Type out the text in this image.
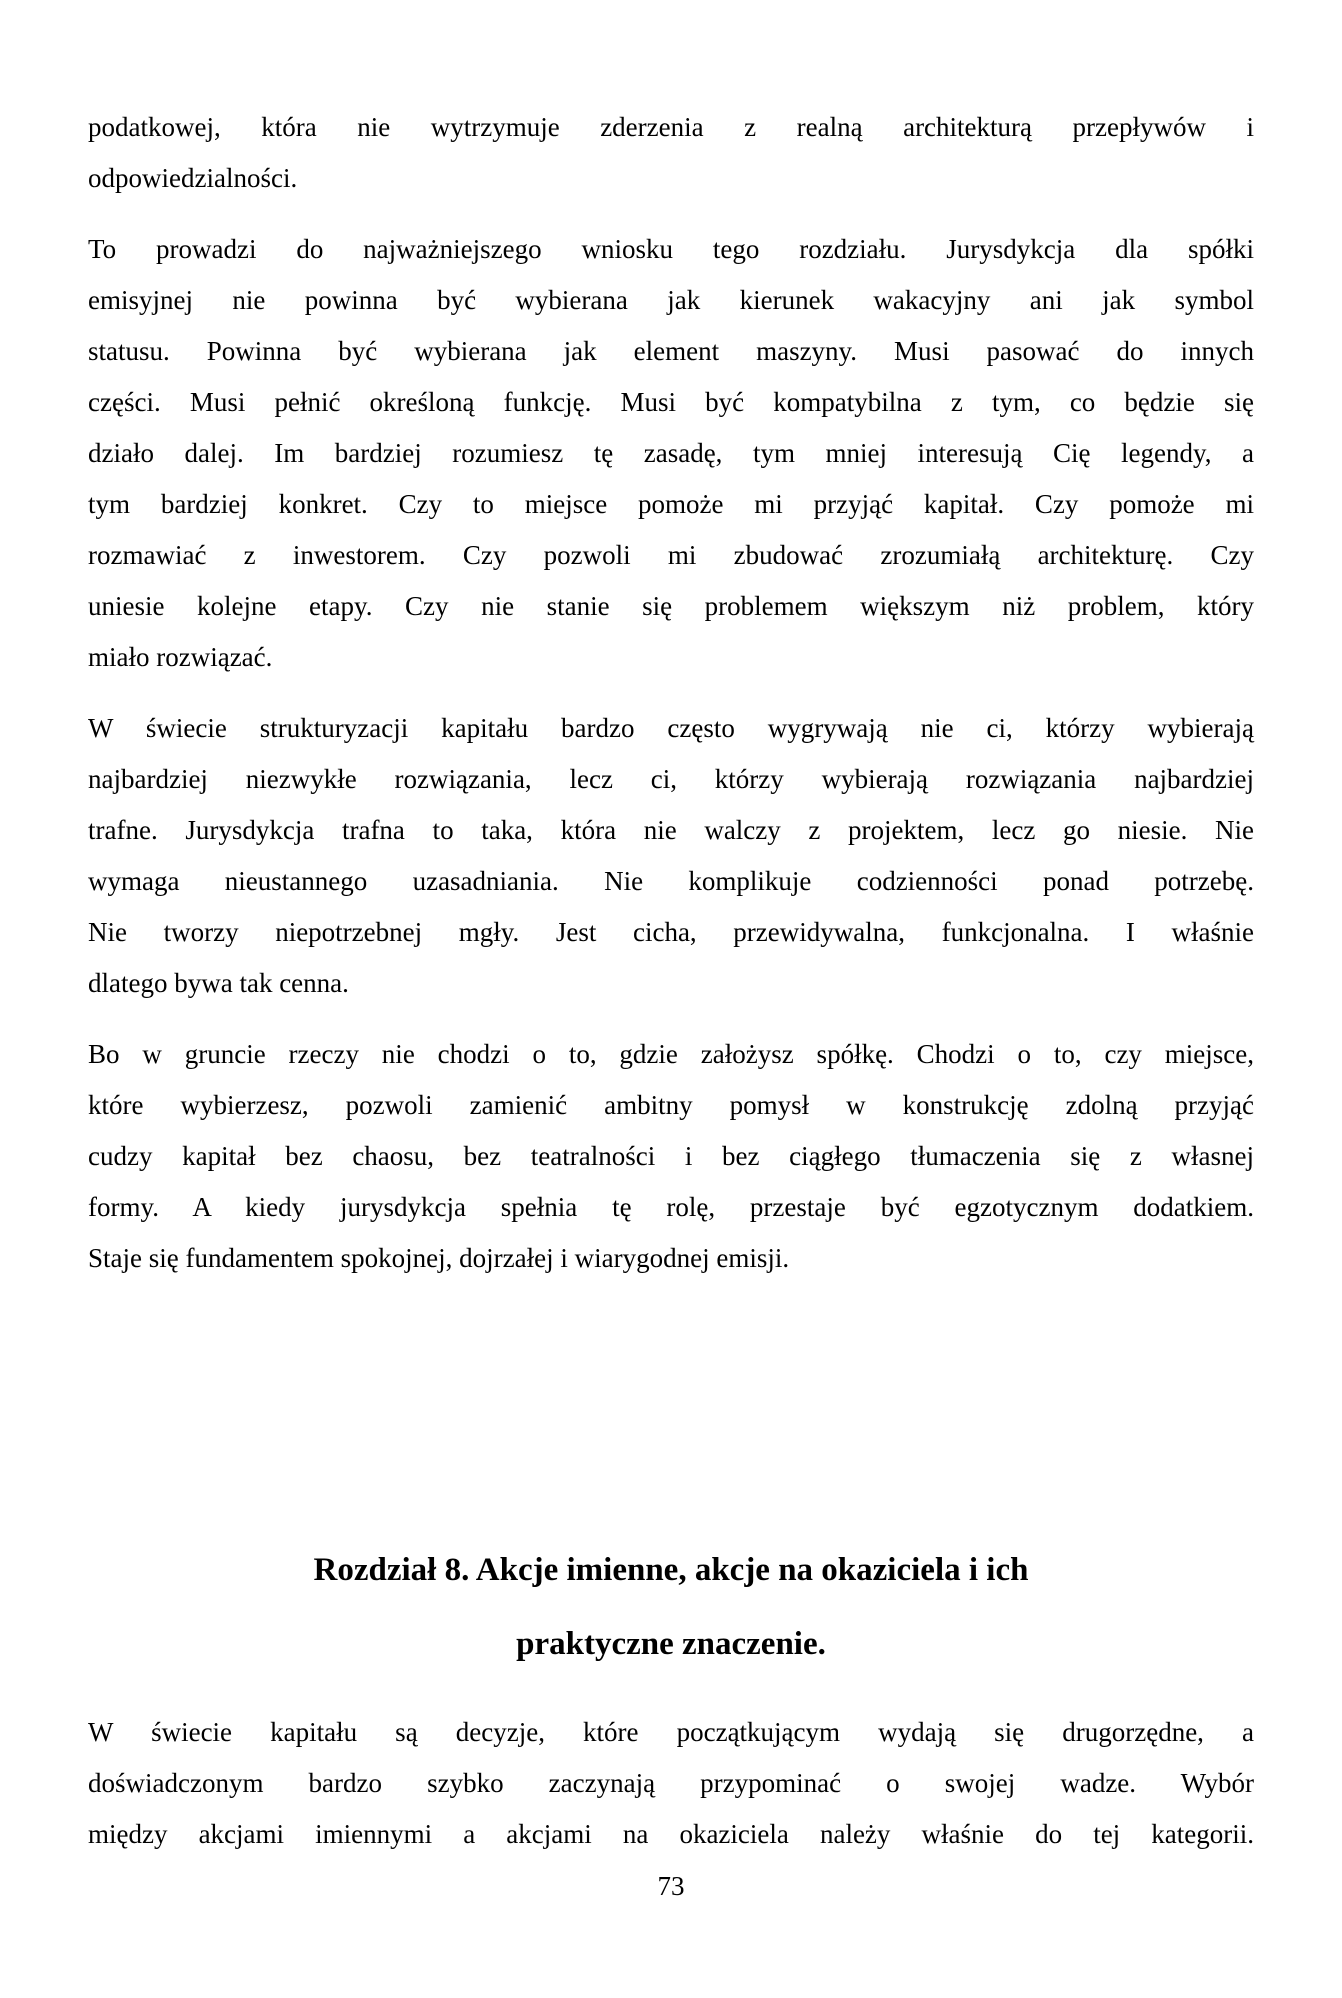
podatkowej, która nie wytrzymuje zderzenia z realną architekturą przepływów i
odpowiedzialności.
To prowadzi do najważniejszego wniosku tego rozdziału. Jurysdykcja dla spółki
emisyjnej nie powinna być wybierana jak kierunek wakacyjny ani jak symbol
statusu. Powinna być wybierana jak element maszyny. Musi pasować do innych
części. Musi pełnić określoną funkcję. Musi być kompatybilna z tym, co będzie się
działo dalej. Im bardziej rozumiesz tę zasadę, tym mniej interesują Cię legendy, a
tym bardziej konkret. Czy to miejsce pomoże mi przyjąć kapitał. Czy pomoże mi
rozmawiać z inwestorem. Czy pozwoli mi zbudować zrozumiałą architekturę. Czy
uniesie kolejne etapy. Czy nie stanie się problemem większym niż problem, który
miało rozwiązać.
W świecie strukturyzacji kapitału bardzo często wygrywają nie ci, którzy wybierają
najbardziej niezwykłe rozwiązania, lecz ci, którzy wybierają rozwiązania najbardziej
trafne. Jurysdykcja trafna to taka, która nie walczy z projektem, lecz go niesie. Nie
wymaga nieustannego uzasadniania. Nie komplikuje codzienności ponad potrzebę.
Nie tworzy niepotrzebnej mgły. Jest cicha, przewidywalna, funkcjonalna. I właśnie
dlatego bywa tak cenna.
Bo w gruncie rzeczy nie chodzi o to, gdzie założysz spółkę. Chodzi o to, czy miejsce,
które wybierzesz, pozwoli zamienić ambitny pomysł w konstrukcję zdolną przyjąć
cudzy kapitał bez chaosu, bez teatralności i bez ciągłego tłumaczenia się z własnej
formy. A kiedy jurysdykcja spełnia tę rolę, przestaje być egzotycznym dodatkiem.
Staje się fundamentem spokojnej, dojrzałej i wiarygodnej emisji.
Rozdział 8. Akcje imienne, akcje na okaziciela i ich
praktyczne znaczenie.
W świecie kapitału są decyzje, które początkującym wydają się drugorzędne, a
doświadczonym bardzo szybko zaczynają przypominać o swojej wadze. Wybór
między akcjami imiennymi a akcjami na okaziciela należy właśnie do tej kategorii.
73
